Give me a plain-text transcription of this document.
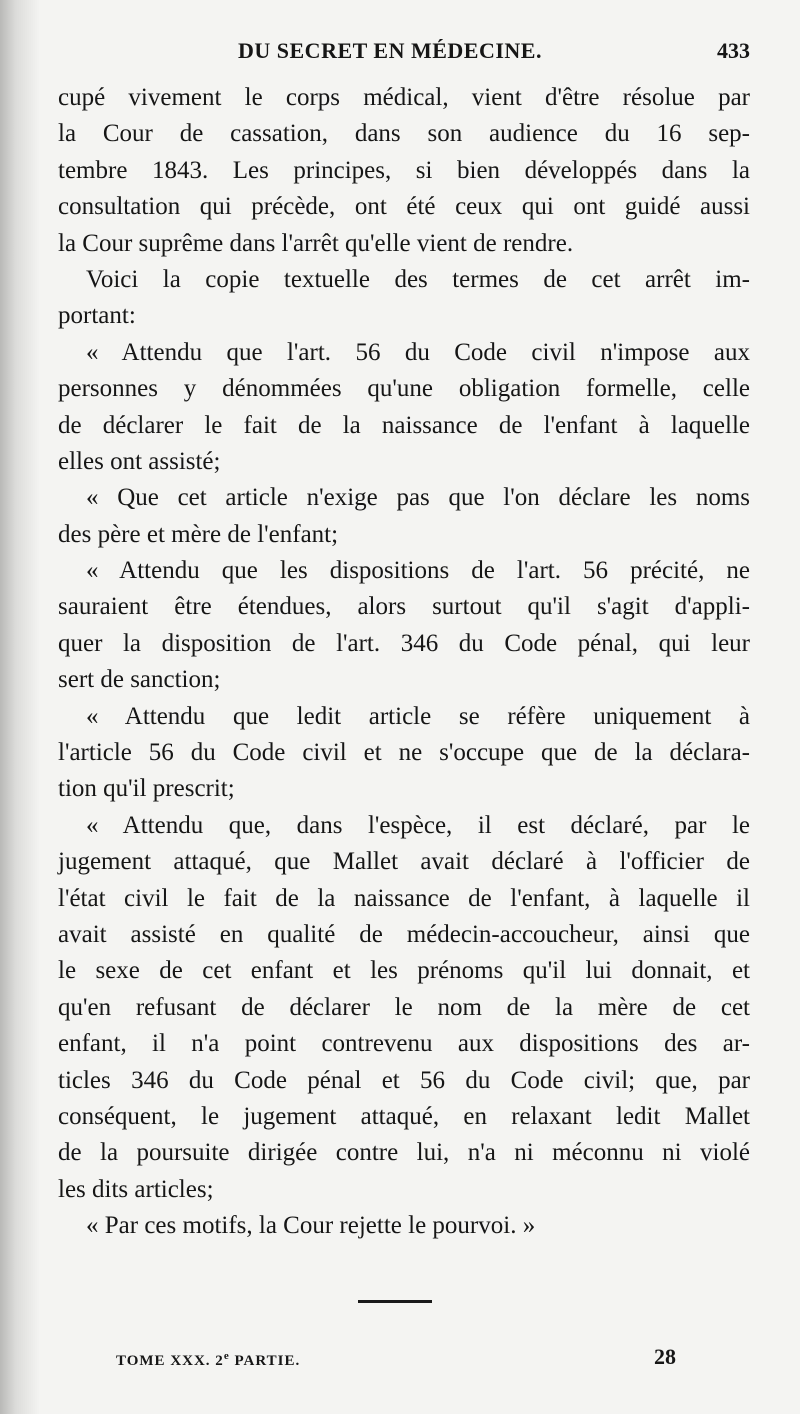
DU SECRET EN MÉDECINE.	433
cupé vivement le corps médical, vient d'être résolue par
la Cour de cassation, dans son audience du 16 sep-
tembre 1843. Les principes, si bien développés dans la
consultation qui précède, ont été ceux qui ont guidé aussi
la Cour suprême dans l'arrêt qu'elle vient de rendre.
Voici la copie textuelle des termes de cet arrêt im-
portant:
« Attendu que l'art. 56 du Code civil n'impose aux
personnes y dénommées qu'une obligation formelle, celle
de déclarer le fait de la naissance de l'enfant à laquelle
elles ont assisté;
« Que cet article n'exige pas que l'on déclare les noms
des père et mère de l'enfant;
« Attendu que les dispositions de l'art. 56 précité, ne
sauraient être étendues, alors surtout qu'il s'agit d'appli-
quer la disposition de l'art. 346 du Code pénal, qui leur
sert de sanction;
« Attendu que ledit article se réfère uniquement à
l'article 56 du Code civil et ne s'occupe que de la déclara-
tion qu'il prescrit;
« Attendu que, dans l'espèce, il est déclaré, par le
jugement attaqué, que Mallet avait déclaré à l'officier de
l'état civil le fait de la naissance de l'enfant, à laquelle il
avait assisté en qualité de médecin-accoucheur, ainsi que
le sexe de cet enfant et les prénoms qu'il lui donnait, et
qu'en refusant de déclarer le nom de la mère de cet
enfant, il n'a point contrevenu aux dispositions des ar-
ticles 346 du Code pénal et 56 du Code civil; que, par
conséquent, le jugement attaqué, en relaxant ledit Mallet
de la poursuite dirigée contre lui, n'a ni méconnu ni violé
les dits articles;
« Par ces motifs, la Cour rejette le pourvoi. »
TOME XXX. 2e PARTIE.	28
